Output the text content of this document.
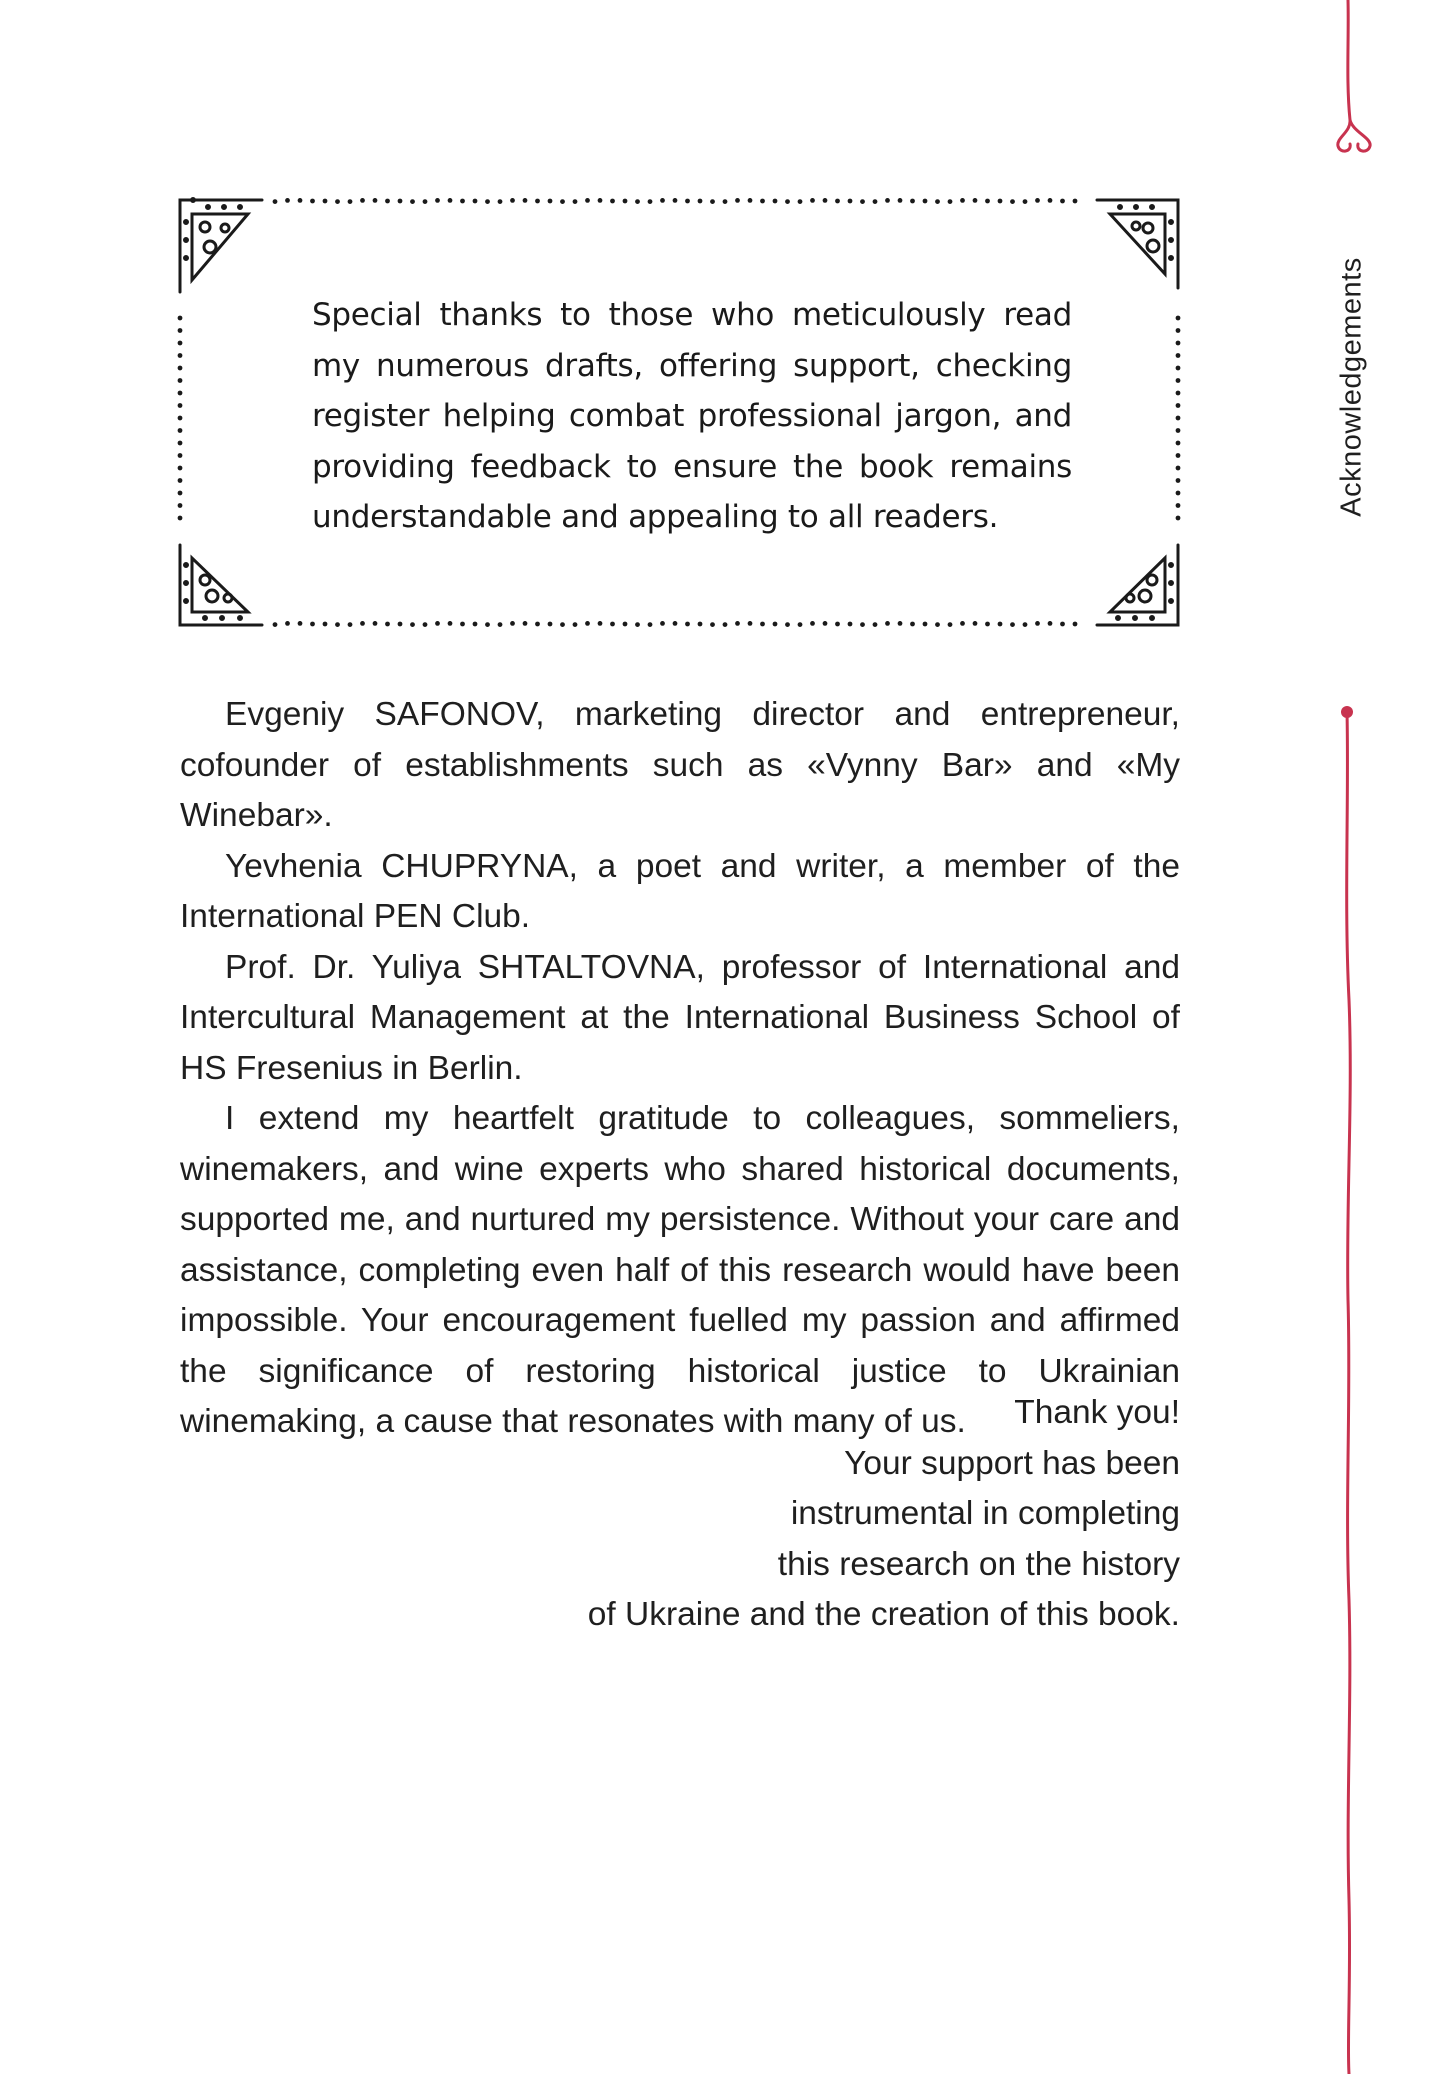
Special thanks to those who meticulously read my numerous drafts, offering support, checking register helping combat professional jargon, and providing feedback to ensure the book remains understandable and appealing to all readers.

Evgeniy SAFONOV, marketing director and entrepreneur, cofounder of establishments such as «Vynny Bar» and «My Winebar».

Yevhenia CHUPRYNA, a poet and writer, a member of the International PEN Club.

Prof. Dr. Yuliya SHTALTOVNA, professor of International and Intercultural Management at the International Business School of HS Fresenius in Berlin.

I extend my heartfelt gratitude to colleagues, sommeliers, winemakers, and wine experts who shared historical documents, supported me, and nurtured my persistence. Without your care and assistance, completing even half of this research would have been impossible. Your encouragement fuelled my passion and affirmed the significance of restoring historical justice to Ukrainian winemaking, a cause that resonates with many of us.	Thank you!
Your support has been
instrumental in completing
this research on the history
of Ukraine and the creation of this book.
Acknowledgements
